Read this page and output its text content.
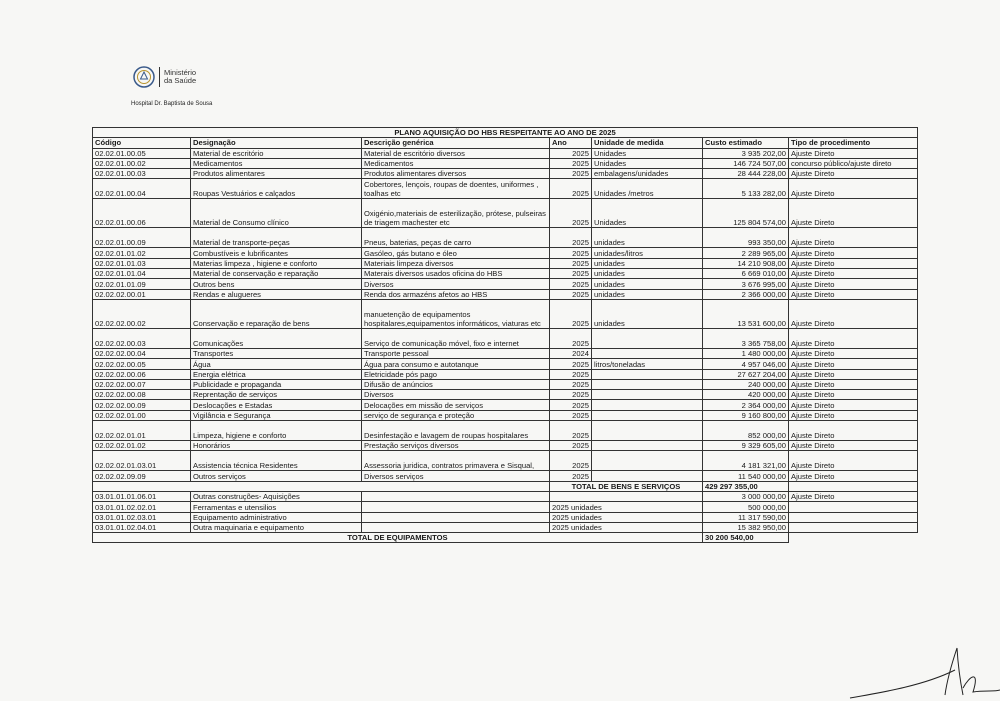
Ministério da Saúde
Hospital Dr. Baptista de Sousa
PLANO AQUISIÇÃO DO HBS RESPEITANTE AO ANO DE 2025						
Código	Designação	Descrição genérica	Ano	Unidade de medida	Custo estimado	Tipo de procedimento
02.02.01.00.05	Material de escritório	Material de escritório diversos	2025	Unidades	3 935 202,00	Ajuste Direto
02.02.01.00.02	Medicamentos	Medicamentos	2025	Unidades	146 724 507,00	concurso público/ajuste direto
02.02.01.00.03	Produtos alimentares	Produtos alimentares diversos	2025	embalagens/unidades	28 444 228,00	Ajuste Direto
02.02.01.00.04	Roupas Vestuários e calçados	Cobertores, lençois, roupas de doentes, uniformes , toalhas etc	2025	Unidades /metros	5 133 282,00	Ajuste Direto
02.02.01.00.06	Material de Consumo clínico	Oxigénio,materiais de esterilização, prótese, pulseiras de triagem machester etc	2025	Unidades	125 804 574,00	Ajuste Direto
02.02.01.00.09	Material de transporte-peças	Pneus, baterias, peças de carro	2025	unidades	993 350,00	Ajuste Direto
02.02.01.01.02	Combustíveis e lubrificantes	Gasóleo, gás butano e óleo	2025	unidades/litros	2 289 965,00	Ajuste Direto
02.02.01.01.03	Materias limpeza , higiene e conforto	Materiais limpeza diversos	2025	unidades	14 210 908,00	Ajuste Direto
02.02.01.01.04	Material de conservação e reparação	Materais diversos usados oficina do HBS	2025	unidades	6 669 010,00	Ajuste Direto
02.02.01.01.09	Outros bens	Diversos	2025	unidades	3 676 995,00	Ajuste Direto
02.02.02.00.01	Rendas e alugueres	Renda dos armazéns afetos ao HBS	2025	unidades	2 366 000,00	Ajuste Direto
02.02.02.00.02	Conservação e reparação de bens	manuetenção de equipamentos hospitalares,equipamentos informáticos, viaturas etc	2025	unidades	13 531 600,00	Ajuste Direto
02.02.02.00.03	Comunicações	Serviço de comunicação móvel, fixo e internet	2025		3 365 758,00	Ajuste Direto
02.02.02.00.04	Transportes	Transporte pessoal	2024		1 480 000,00	Ajuste Direto
02.02.02.00.05	Água	Água para consumo e autotanque	2025	litros/toneladas	4 957 046,00	Ajuste Direto
02.02.02.00.06	Energia elétrica	Eletricidade pós pago	2025		27 627 204,00	Ajuste Direto
02.02.02.00.07	Publicidade e propaganda	Difusão de anúncios	2025		240 000,00	Ajuste Direto
02.02.02.00.08	Reprentação de serviços	Diversos	2025		420 000,00	Ajuste Direto
02.02.02.00.09	Deslocações e Estadas	Delocações em missão de serviços	2025		2 364 000,00	Ajuste Direto
02.02.02.01.00	Vigilância e Segurança	serviço de segurança e proteção	2025		9 160 800,00	Ajuste Direto
02.02.02.01.01	Limpeza, higiene e conforto	Desinfestação e lavagem de roupas hospitalares	2025		852 000,00	Ajuste Direto
02.02.02.01.02	Honorários	Prestação serviços diversos	2025		9 329 605,00	Ajuste Direto
02.02.02.01.03.01	Assistencia técnica Residentes	Assessoria juridica, contratos primavera e Sisqual,	2025		4 181 321,00	Ajuste Direto
02.02.02.09.09	Outros serviços	Diversos serviços	2025		11 540 000,00	Ajuste Direto
			TOTAL DE BENS E SERVIÇOS		429 297 355,00	
03.01.01.01.06.01	Outras construções- Aquisições				3 000 000,00	Ajuste Direto
03.01.01.02.02.01	Ferramentas e utensilios		2025 unidades		500 000,00	
03.01.01.02.03.01	Equipamento administrativo		2025 unidades		11 317 590,00	
03.01.01.02.04.01	Outra maquinaria e equipamento		2025 unidades		15 382 950,00	
TOTAL DE EQUIPAMENTOS					30 200 540,00	
